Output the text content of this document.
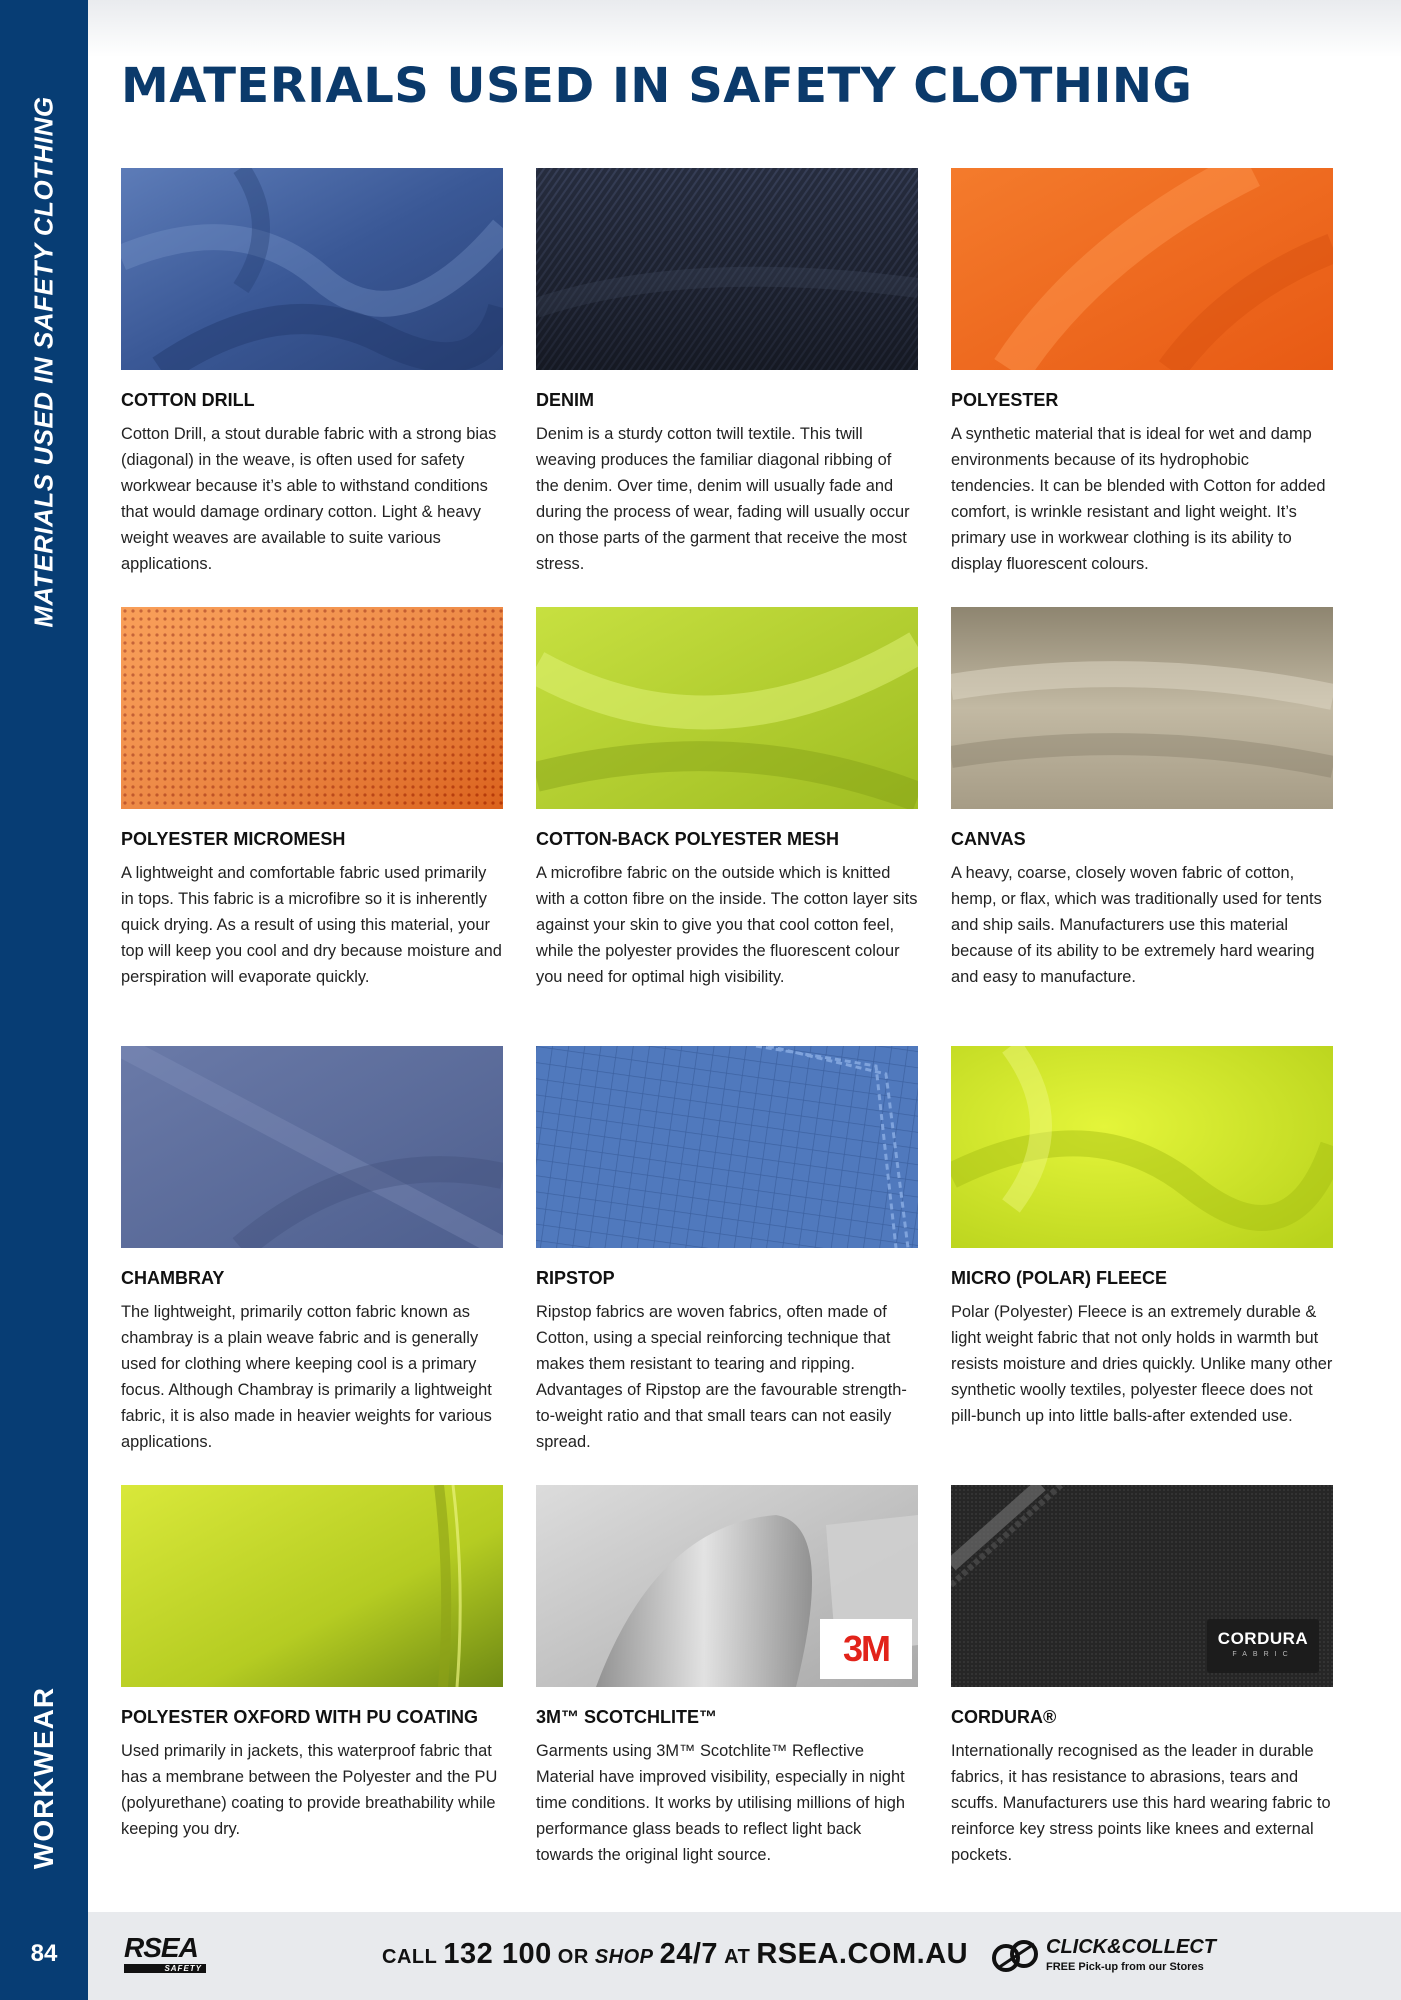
MATERIALS USED IN SAFETY CLOTHING
WORKWEAR
84
MATERIALS USED IN SAFETY CLOTHING
COTTON DRILL
Cotton Drill, a stout durable fabric with a strong bias (diagonal) in the weave, is often used for safety workwear because it’s able to withstand conditions that would damage ordinary cotton. Light & heavy weight weaves are available to suite various applications.
DENIM
Denim is a sturdy cotton twill textile. This twill weaving produces the familiar diagonal ribbing of the denim. Over time, denim will usually fade and during the process of wear, fading will usually occur on those parts of the garment that receive the most stress.
POLYESTER
A synthetic material that is ideal for wet and damp environments because of its hydrophobic tendencies. It can be blended with Cotton for added comfort, is wrinkle resistant and light weight. It’s primary use in workwear clothing is its ability to display fluorescent colours.
POLYESTER MICROMESH
A lightweight and comfortable fabric used primarily in tops. This fabric is a microfibre so it is inherently quick drying. As a result of using this material, your top will keep you cool and dry because moisture and perspiration will evaporate quickly.
COTTON-BACK POLYESTER MESH
A microfibre fabric on the outside which is knitted with a cotton fibre on the inside. The cotton layer sits against your skin to give you that cool cotton feel, while the polyester provides the fluorescent colour you need for optimal high visibility.
CANVAS
A heavy, coarse, closely woven fabric of cotton, hemp, or flax, which was traditionally used for tents and ship sails. Manufacturers use this material because of its ability to be extremely hard wearing and easy to manufacture.
CHAMBRAY
The lightweight, primarily cotton fabric known as chambray is a plain weave fabric and is generally used for clothing where keeping cool is a primary focus. Although Chambray is primarily a lightweight fabric, it is also made in heavier weights for various applications.
RIPSTOP
Ripstop fabrics are woven fabrics, often made of Cotton, using a special reinforcing technique that makes them resistant to tearing and ripping. Advantages of Ripstop are the favourable strength-to-weight ratio and that small tears can not easily spread.
MICRO (POLAR) FLEECE
Polar (Polyester) Fleece is an extremely durable & light weight fabric that not only holds in warmth but resists moisture and dries quickly. Unlike many other synthetic woolly textiles, polyester fleece does not pill-bunch up into little balls-after extended use.
POLYESTER OXFORD WITH PU COATING
Used primarily in jackets, this waterproof fabric that has a membrane between the Polyester and the PU (polyurethane) coating to provide breathability while keeping you dry.
3M
3M™ SCOTCHLITE™
Garments using 3M™ Scotchlite™ Reflective Material have improved visibility, especially in night time conditions. It works by utilising millions of high performance glass beads to reflect light back towards the original light source.
CORDURA
FABRIC
CORDURA®
Internationally recognised as the leader in durable fabrics, it has resistance to abrasions, tears and scuffs. Manufacturers use this hard wearing fabric to reinforce key stress points like knees and external pockets.
RSEA
SAFETY
CALL 132 100 OR SHOP 24/7 AT RSEA.COM.AU	CLICK&COLLECT
FREE Pick-up from our Stores
